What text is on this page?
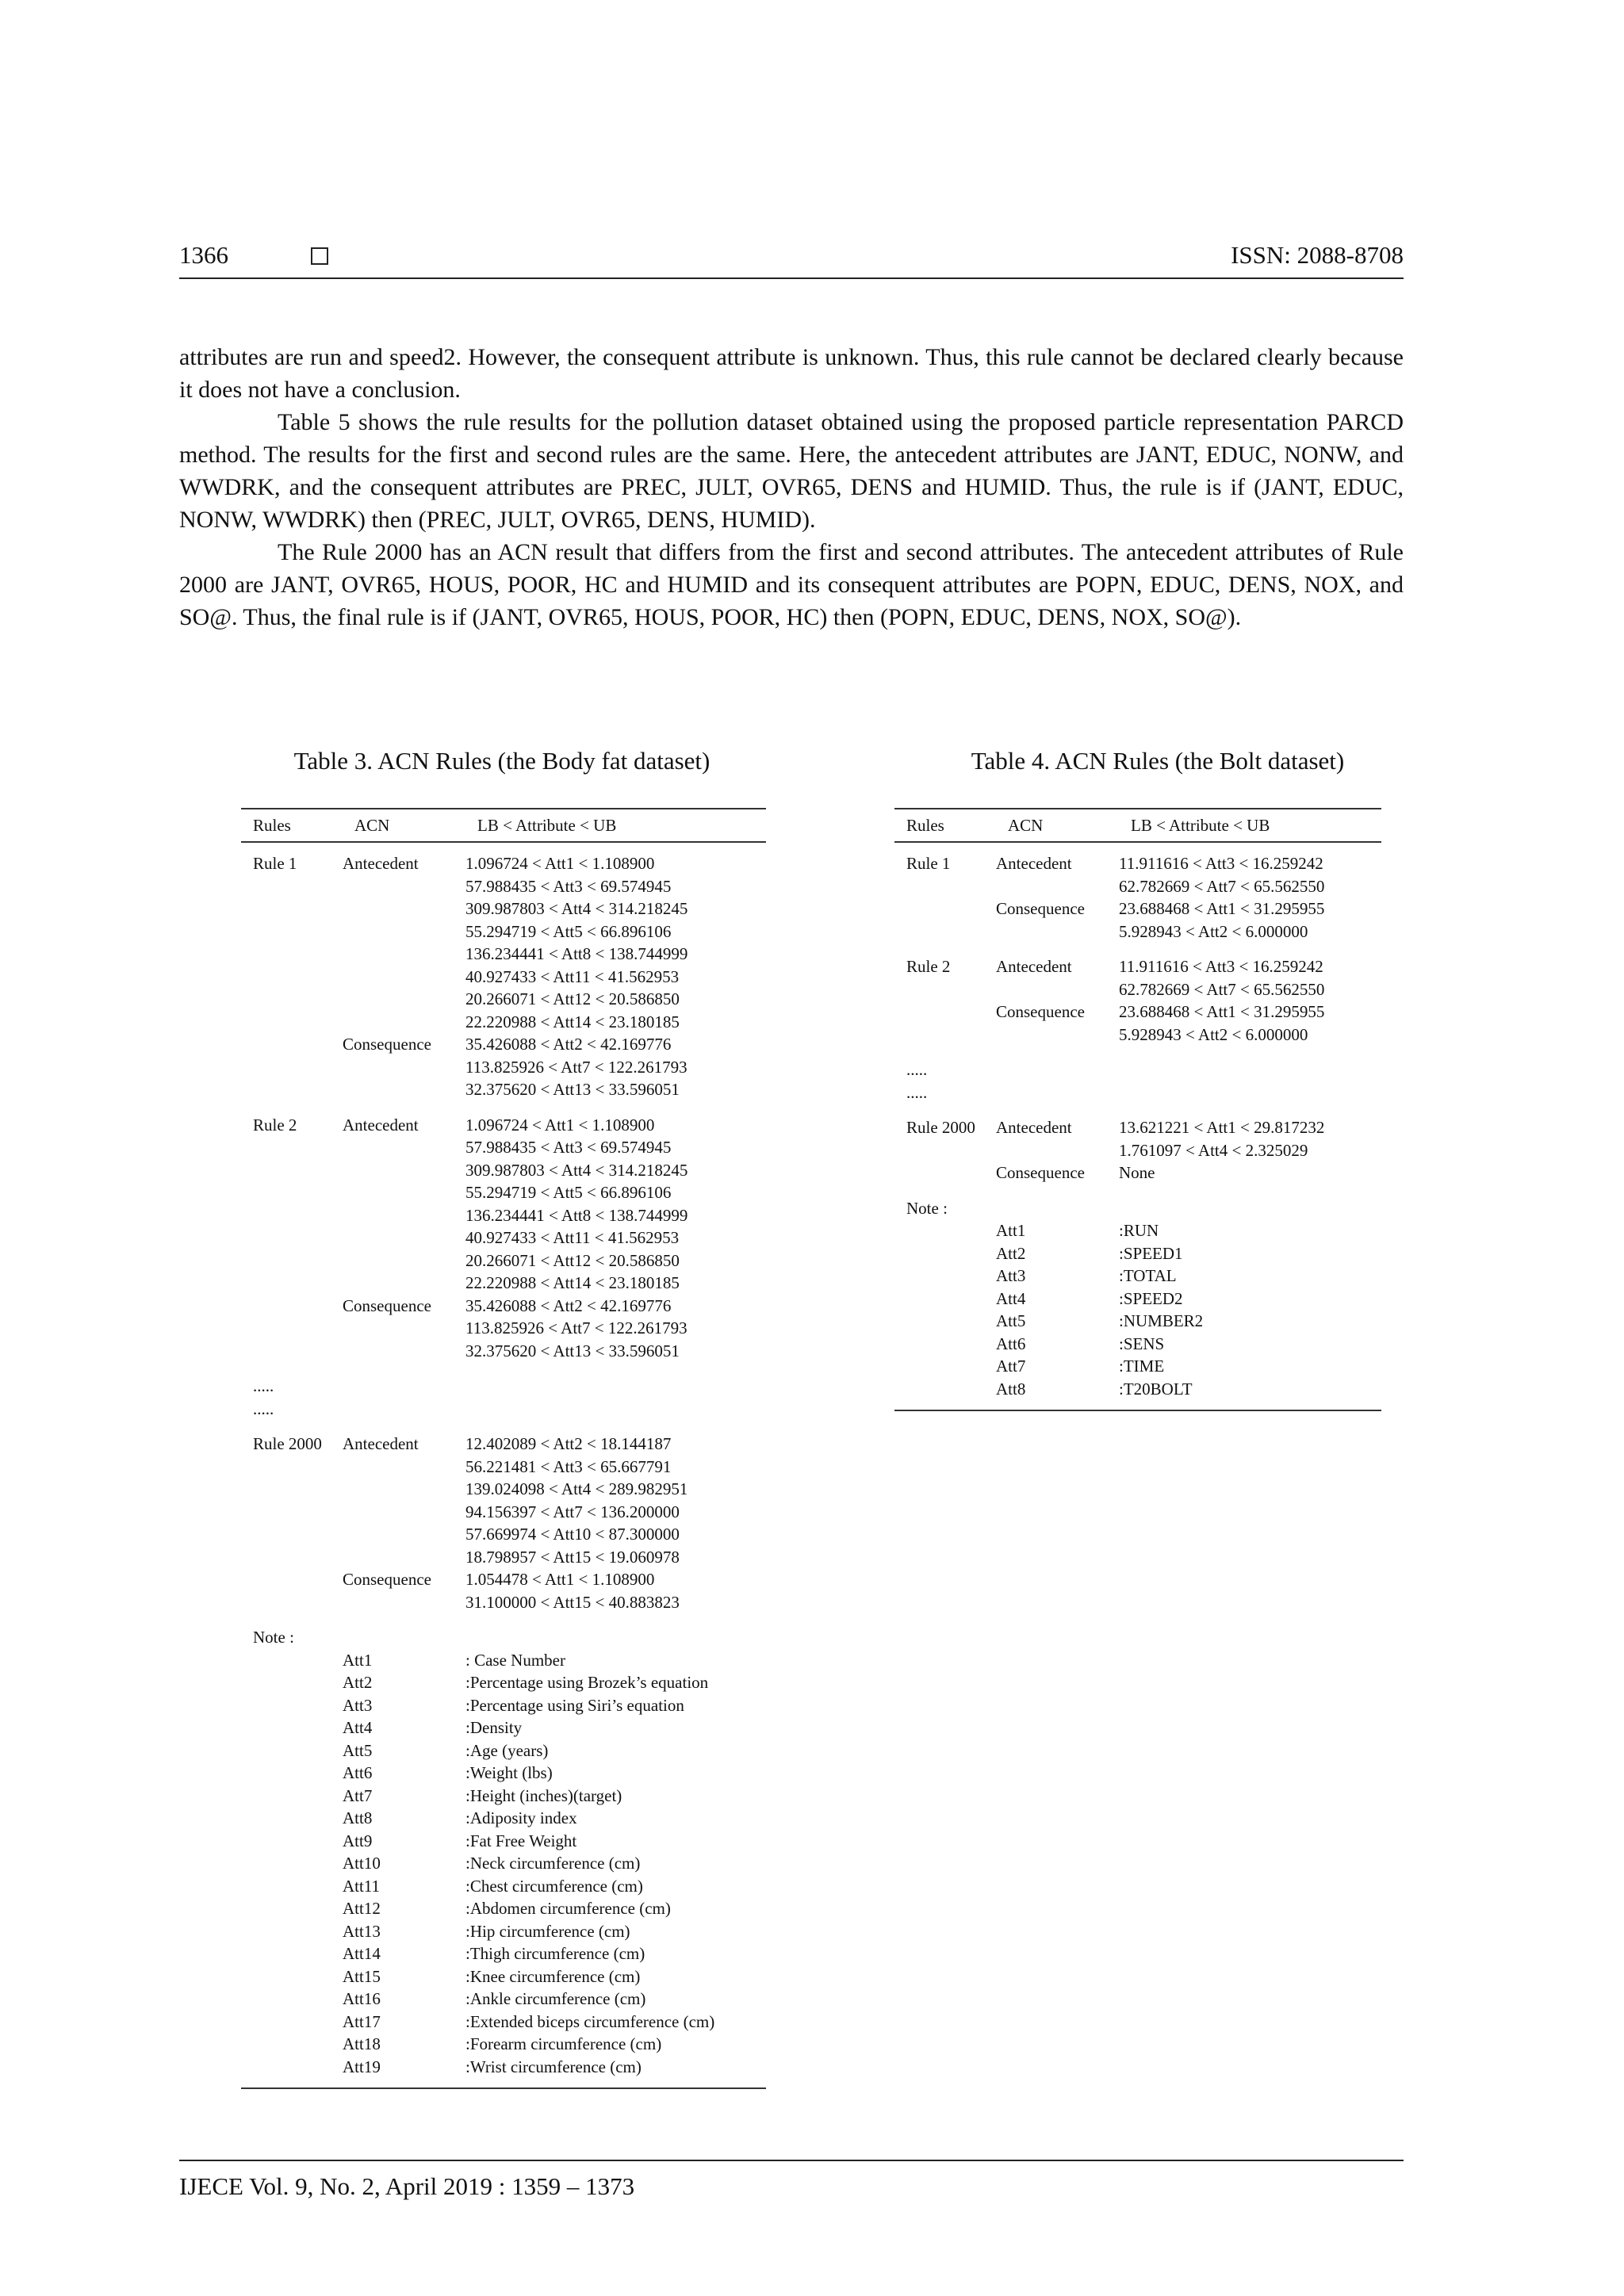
1366	ISSN: 2088-8708

attributes are run and speed2. However, the consequent attribute is unknown. Thus, this rule cannot be declared clearly because it does not have a conclusion.

Table 5 shows the rule results for the pollution dataset obtained using the proposed particle representation PARCD method. The results for the first and second rules are the same. Here, the antecedent attributes are JANT, EDUC, NONW, and WWDRK, and the consequent attributes are PREC, JULT, OVR65, DENS and HUMID. Thus, the rule is if (JANT, EDUC, NONW, WWDRK) then (PREC, JULT, OVR65, DENS, HUMID).

The Rule 2000 has an ACN result that differs from the first and second attributes. The antecedent attributes of Rule 2000 are JANT, OVR65, HOUS, POOR, HC and HUMID and its consequent attributes are POPN, EDUC, DENS, NOX, and SO@. Thus, the final rule is if (JANT, OVR65, HOUS, POOR, HC) then (POPN, EDUC, DENS, NOX, SO@).

Table 3. ACN Rules (the Body fat dataset)	Table 4. ACN Rules (the Bolt dataset)
Rules	ACN	LB < Attribute < UB
Rule 1	Antecedent	1.096724 < Att1 < 1.108900
57.988435 < Att3 < 69.574945
309.987803 < Att4 < 314.218245
55.294719 < Att5 < 66.896106
136.234441 < Att8 < 138.744999
40.927433 < Att11 < 41.562953
20.266071 < Att12 < 20.586850
22.220988 < Att14 < 23.180185
Consequence	35.426088 < Att2 < 42.169776
113.825926 < Att7 < 122.261793
32.375620 < Att13 < 33.596051
Rule 2	Antecedent	1.096724 < Att1 < 1.108900
57.988435 < Att3 < 69.574945
309.987803 < Att4 < 314.218245
55.294719 < Att5 < 66.896106
136.234441 < Att8 < 138.744999
40.927433 < Att11 < 41.562953
20.266071 < Att12 < 20.586850
22.220988 < Att14 < 23.180185
Consequence	35.426088 < Att2 < 42.169776
113.825926 < Att7 < 122.261793
32.375620 < Att13 < 33.596051
.....
.....
Rule 2000	Antecedent	12.402089 < Att2 < 18.144187
56.221481 < Att3 < 65.667791
139.024098 < Att4 < 289.982951
94.156397 < Att7 < 136.200000
57.669974 < Att10 < 87.300000
18.798957 < Att15 < 19.060978
Consequence	1.054478 < Att1 < 1.108900
31.100000 < Att15 < 40.883823
Note :
Att1	: Case Number
Att2	:Percentage using Brozek’s equation
Att3	:Percentage using Siri’s equation
Att4	:Density
Att5	:Age (years)
Att6	:Weight (lbs)
Att7	:Height (inches)(target)
Att8	:Adiposity index
Att9	:Fat Free Weight
Att10	:Neck circumference (cm)
Att11	:Chest circumference (cm)
Att12	:Abdomen circumference (cm)
Att13	:Hip circumference (cm)
Att14	:Thigh circumference (cm)
Att15	:Knee circumference (cm)
Att16	:Ankle circumference (cm)
Att17	:Extended biceps circumference (cm)
Att18	:Forearm circumference (cm)
Att19	:Wrist circumference (cm)
Rules	ACN	LB < Attribute < UB
Rule 1	Antecedent	11.911616 < Att3 < 16.259242
62.782669 < Att7 < 65.562550
Consequence	23.688468 < Att1 < 31.295955
5.928943 < Att2 < 6.000000
Rule 2	Antecedent	11.911616 < Att3 < 16.259242
62.782669 < Att7 < 65.562550
Consequence	23.688468 < Att1 < 31.295955
5.928943 < Att2 < 6.000000
.....
.....
Rule 2000	Antecedent	13.621221 < Att1 < 29.817232
1.761097 < Att4 < 2.325029
Consequence	None
Note :
Att1	:RUN
Att2	:SPEED1
Att3	:TOTAL
Att4	:SPEED2
Att5	:NUMBER2
Att6	:SENS
Att7	:TIME
Att8	:T20BOLT
IJECE Vol. 9, No. 2, April 2019 : 1359 – 1373
